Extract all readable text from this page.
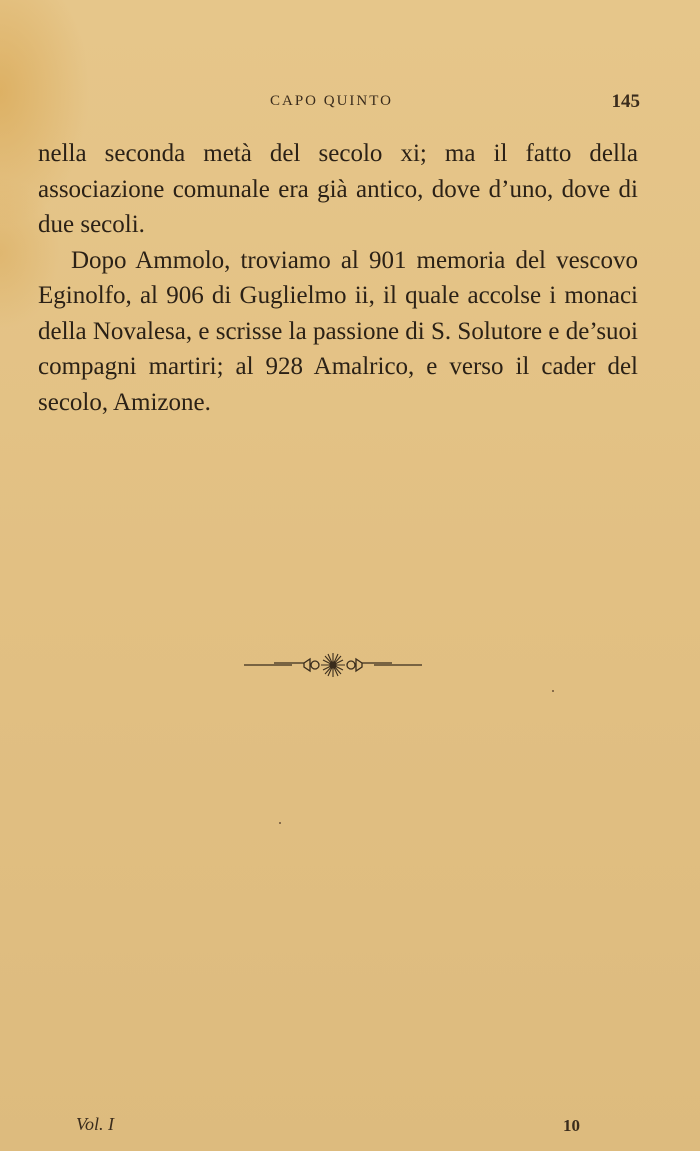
CAPO QUINTO	145

nella seconda metà del secolo xi; ma il fatto della associazione comunale era già antico, dove d’uno, dove di due secoli.

Dopo Ammolo, troviamo al 901 memoria del vescovo Eginolfo, al 906 di Guglielmo ii, il quale accolse i monaci della Novalesa, e scrisse la passione di S. Solutore e de’suoi compagni martiri; al 928 Amalrico, e verso il cader del secolo, Amizone.

Vol. I	10
